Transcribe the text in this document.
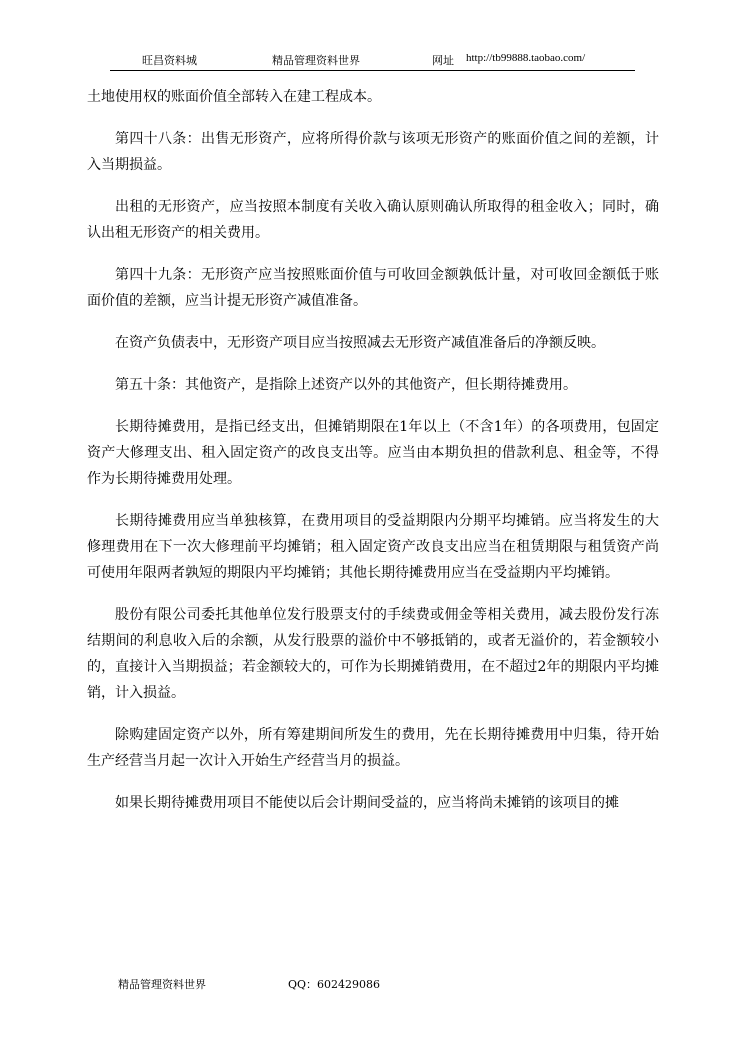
旺昌资料城	精品管理资料世界	网址 http://tb99888.taobao.com/

土地使用权的账面价值全部转入在建工程成本。

第四十八条：出售无形资产，应将所得价款与该项无形资产的账面价值之间的差额，计入当期损益。

出租的无形资产，应当按照本制度有关收入确认原则确认所取得的租金收入；同时，确认出租无形资产的相关费用。

第四十九条：无形资产应当按照账面价值与可收回金额孰低计量，对可收回金额低于账面价值的差额，应当计提无形资产减值准备。

在资产负债表中，无形资产项目应当按照减去无形资产减值准备后的净额反映。

第五十条：其他资产，是指除上述资产以外的其他资产，但长期待摊费用。

长期待摊费用，是指已经支出，但摊销期限在1年以上（不含1年）的各项费用，包固定资产大修理支出、租入固定资产的改良支出等。应当由本期负担的借款利息、租金等，不得作为长期待摊费用处理。

长期待摊费用应当单独核算，在费用项目的受益期限内分期平均摊销。应当将发生的大修理费用在下一次大修理前平均摊销；租入固定资产改良支出应当在租赁期限与租赁资产尚可使用年限两者孰短的期限内平均摊销；其他长期待摊费用应当在受益期内平均摊销。

股份有限公司委托其他单位发行股票支付的手续费或佣金等相关费用，减去股份发行冻结期间的利息收入后的余额，从发行股票的溢价中不够抵销的，或者无溢价的，若金额较小的，直接计入当期损益；若金额较大的，可作为长期摊销费用，在不超过2年的期限内平均摊销，计入损益。

除购建固定资产以外，所有筹建期间所发生的费用，先在长期待摊费用中归集，待开始生产经营当月起一次计入开始生产经营当月的损益。

如果长期待摊费用项目不能使以后会计期间受益的，应当将尚未摊销的该项目的摊

精品管理资料世界	QQ：602429086
